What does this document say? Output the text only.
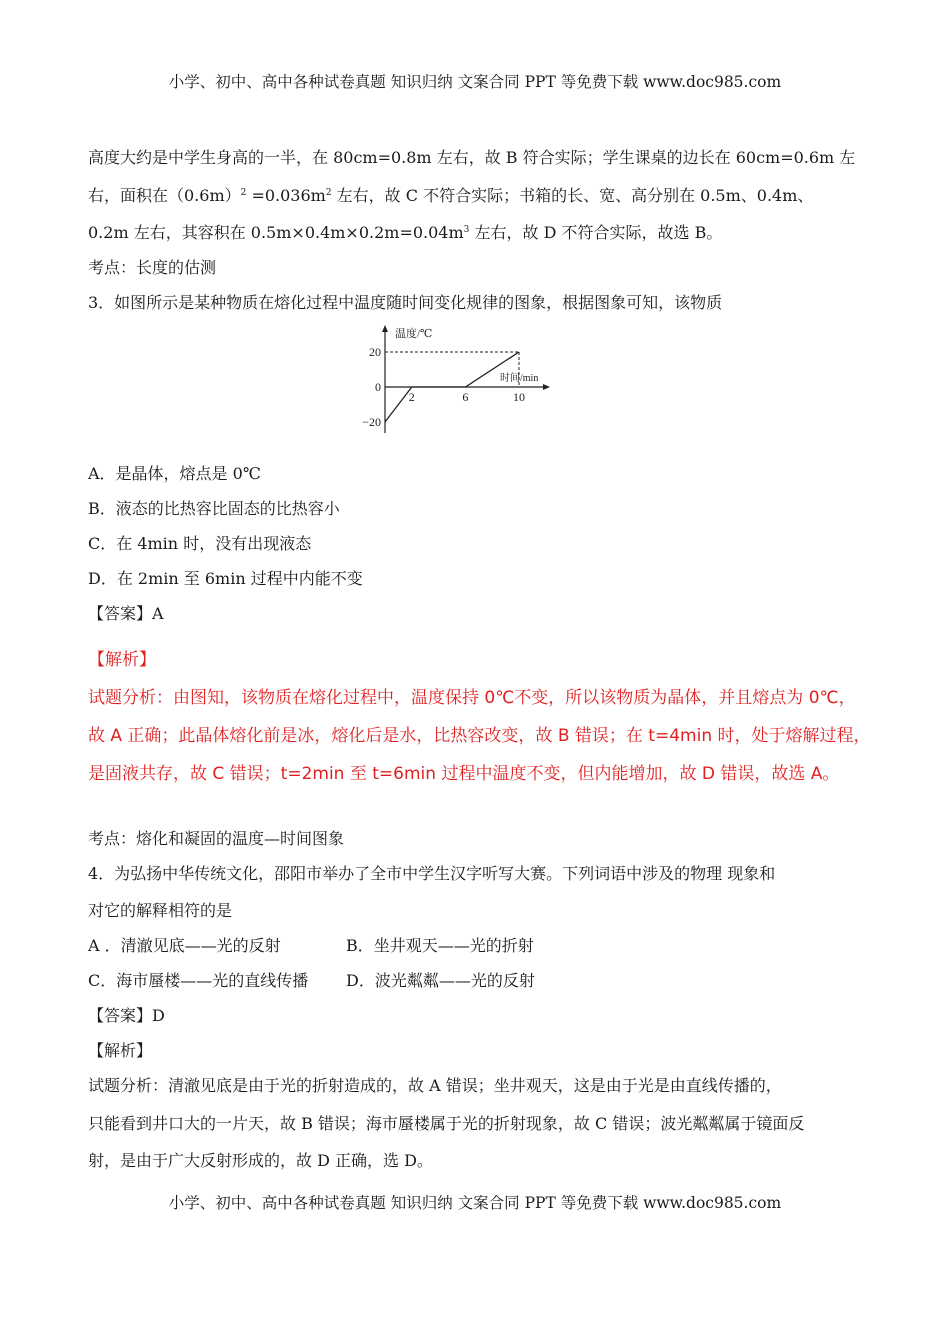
小学、初中、高中各种试卷真题 知识归纳 文案合同 PPT 等免费下载 www.doc985.com
高度大约是中学生身高的一半，在 80cm=0.8m 左右，故 B 符合实际；学生课桌的边长在 60cm=0.6m 左
右，面积在$(0.6m)^2 =0.036m^2$ 左右，故 C 不符合实际；书箱的长、宽、高分别在 0.5m、0.4m、
0.2m 左右，其容积在 $0.5m\times 0.4m\times 0.2m=0.04m^3$ 左右，故 D 不符合实际，故选 B。
考点：长度的估测
3．如图所示是某种物质在熔化过程中温度随时间变化规律的图象，根据图象可知，该物质
温度/℃
时间/min
2	6	10
20
0
−20
A．是晶体，熔点是 0℃
B．液态的比热容比固态的比热容小
C．在 4min 时，没有出现液态
D．在 2min 至 6min 过程中内能不变
【答案】A
【解析】
试题分析：由图知，该物质在熔化过程中，温度保持 0℃不变，所以该物质为晶体，并且熔点为 0℃，
故 A 正确；此晶体熔化前是冰，熔化后是水，比热容改变，故 B 错误；在 t=4min 时，处于熔解过程，
是固液共存，故 C 错误；t=2min 至 t=6min 过程中温度不变，但内能增加，故 D 错误，故选 A。
考点：熔化和凝固的温度—时间图象
4．为弘扬中华传统文化，邵阳市举办了全市中学生汉字听写大赛。下列词语中涉及的物理 现象和
对它的解释相符的是
A ．清澈见底——光的反射	B．坐井观天——光的折射
C．海市蜃楼——光的直线传播 D．波光粼粼——光的反射
【答案】D
【解析】
试题分析：清澈见底是由于光的折射造成的，故 A 错误；坐井观天，这是由于光是由直线传播的，
只能看到井口大的一片天，故 B 错误；海市蜃楼属于光的折射现象，故 C 错误；波光粼粼属于镜面反
射，是由于广大反射形成的，故 D 正确，选 D。
小学、初中、高中各种试卷真题 知识归纳 文案合同 PPT 等免费下载 www.doc985.com
